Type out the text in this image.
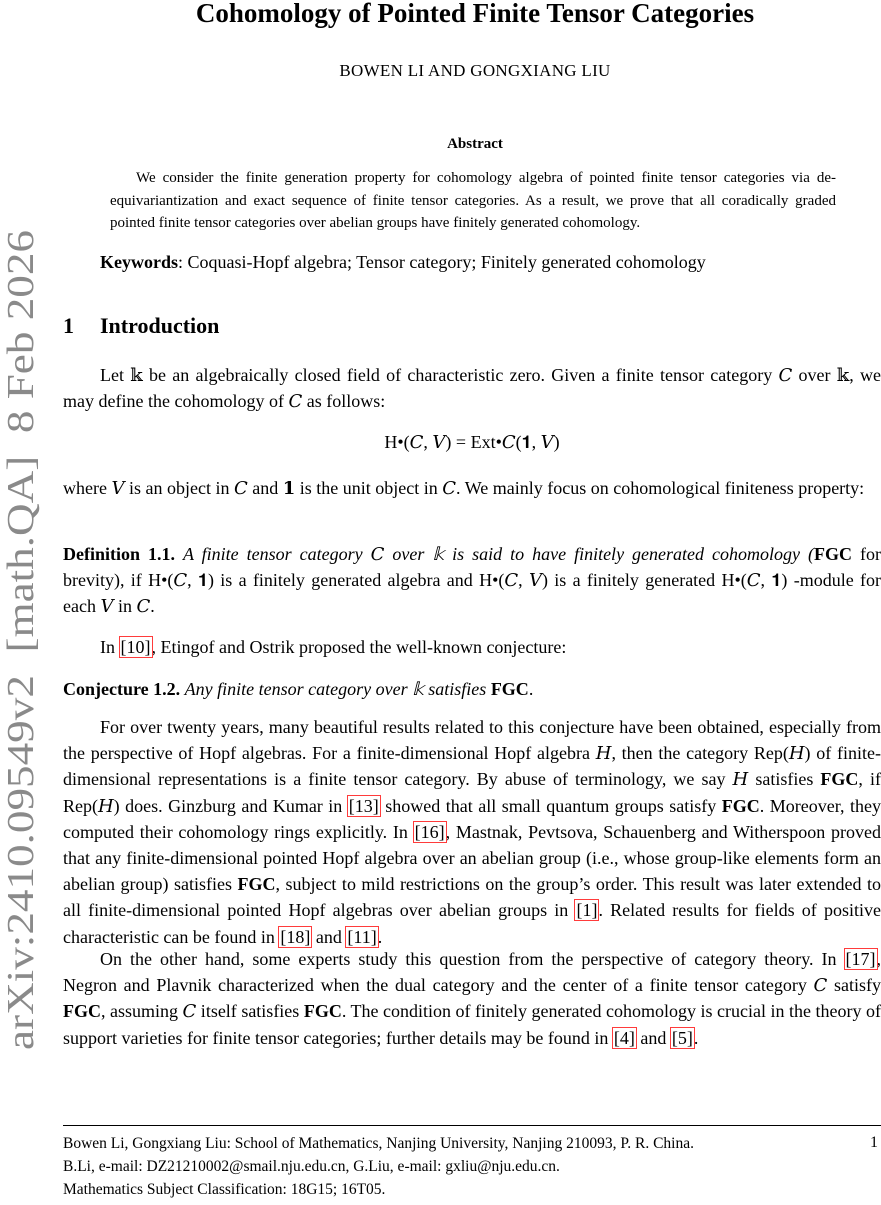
arXiv:2410.09549v2  [math.QA]  8 Feb 2026
Cohomology of Pointed Finite Tensor Categories
BOWEN LI AND GONGXIANG LIU
Abstract
We consider the finite generation property for cohomology algebra of pointed finite tensor categories via de-equivariantization and exact sequence of finite tensor categories. As a result, we prove that all coradically graded pointed finite tensor categories over abelian groups have finitely generated cohomology.
Keywords: Coquasi-Hopf algebra; Tensor category; Finitely generated cohomology
1 Introduction
Let 𝕜 be an algebraically closed field of characteristic zero. Given a finite tensor category 𝐶 over 𝕜, we may define the cohomology of 𝐶 as follows:
H•(𝐶, 𝑉) = Ext•𝐶(𝟏, 𝑉)
where 𝑉 is an object in 𝐶 and 𝟏 is the unit object in 𝐶. We mainly focus on cohomological finiteness property:
Definition 1.1. A finite tensor category 𝐶 over 𝕜 is said to have finitely generated cohomology (FGC for brevity), if H•(𝐶, 𝟏) is a finitely generated algebra and H•(𝐶, 𝑉) is a finitely generated H•(𝐶, 𝟏) -module for each 𝑉 in 𝐶.
In [10], Etingof and Ostrik proposed the well-known conjecture:
Conjecture 1.2. Any finite tensor category over 𝕜 satisfies FGC.
For over twenty years, many beautiful results related to this conjecture have been obtained, especially from the perspective of Hopf algebras. For a finite-dimensional Hopf algebra 𝐻, then the category Rep(𝐻) of finite-dimensional representations is a finite tensor category. By abuse of terminology, we say 𝐻 satisfies FGC, if Rep(𝐻) does. Ginzburg and Kumar in [13] showed that all small quantum groups satisfy FGC. Moreover, they computed their cohomology rings explicitly. In [16], Mastnak, Pevtsova, Schauenberg and Witherspoon proved that any finite-dimensional pointed Hopf algebra over an abelian group (i.e., whose group-like elements form an abelian group) satisfies FGC, subject to mild restrictions on the group’s order. This result was later extended to all finite-dimensional pointed Hopf algebras over abelian groups in [1]. Related results for fields of positive characteristic can be found in [18] and [11].
On the other hand, some experts study this question from the perspective of category theory. In [17], Negron and Plavnik characterized when the dual category and the center of a finite tensor category 𝐶 satisfy FGC, assuming 𝐶 itself satisfies FGC. The condition of finitely generated cohomology is crucial in the theory of support varieties for finite tensor categories; further details may be found in [4] and [5].
Bowen Li, Gongxiang Liu: School of Mathematics, Nanjing University, Nanjing 210093, P. R. China.
B.Li, e-mail: DZ21210002@smail.nju.edu.cn, G.Liu, e-mail: gxliu@nju.edu.cn.
Mathematics Subject Classification: 18G15; 16T05.
1
